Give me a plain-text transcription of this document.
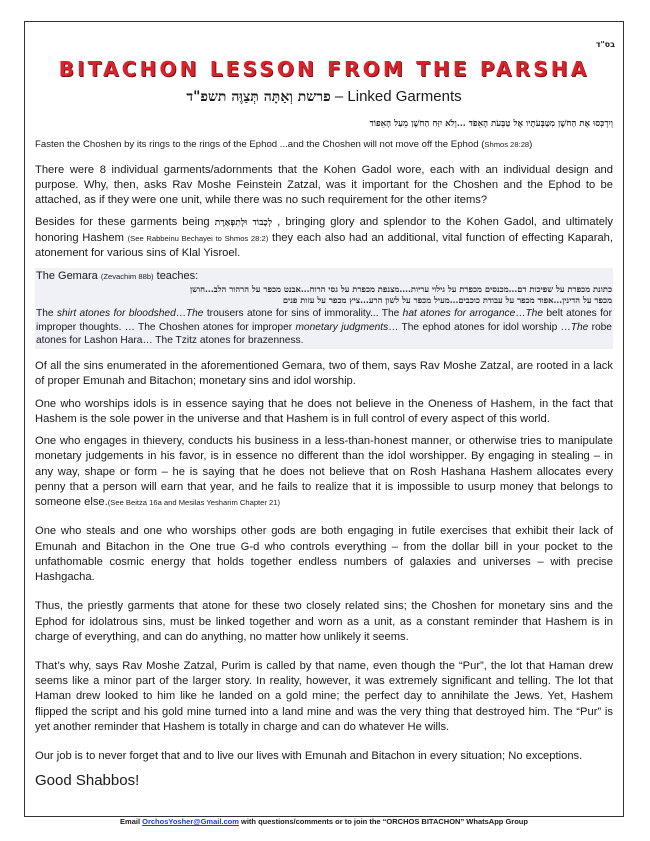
בס"ד
BITACHON LESSON FROM THE PARSHA
פרשת וְאַתָּה תְּצַוֶּה תשפ"ד – Linked Garments

וְיִרְכְּסוּ אֶת הַחֹשֶׁן מִטַּבְּעֹתָיו אֶל טַבְּעֹת הָאֵפֹד ...וְלֹא יִזַּח הַחֹשֶׁן מֵעַל הָאֵפוֹד

Fasten the Choshen by its rings to the rings of the Ephod ...and the Choshen will not move off the Ephod (Shmos 28:28)

There were 8 individual garments/adornments that the Kohen Gadol wore, each with an individual design and purpose. Why, then, asks Rav Moshe Feinstein Zatzal, was it important for the Choshen and the Ephod to be attached, as if they were one unit, while there was no such requirement for the other items?

Besides for these garments being לְכָבוֹד וּלְתִפְאָרֶת , bringing glory and splendor to the Kohen Gadol, and ultimately honoring Hashem (See Rabbeinu Bechayei to Shmos 28:2) they each also had an additional, vital function of effecting Kaparah, atonement for various sins of Klal Yisroel.

The Gemara (Zevachim 88b) teaches:

כתונת מכפרת על שפיכות דם...מכנסים מכפרת על גילוי עריות....מצנפת מכפרת על גסי הרוח...אבנט מכפר על הרהור הלב...חושן

מכפר על הדינין...אפוד מכפר על עבודת כוכבים...מעיל מכפר על לשון הרע...ציץ מכפר על עזות פנים

The shirt atones for bloodshed…The trousers atone for sins of immorality... The hat atones for arrogance…The belt atones for improper thoughts. … The Choshen atones for improper monetary judgments… The ephod atones for idol worship …The robe atones for Lashon Hara… The Tzitz atones for brazenness.

Of all the sins enumerated in the aforementioned Gemara, two of them, says Rav Moshe Zatzal, are rooted in a lack of proper Emunah and Bitachon; monetary sins and idol worship.

One who worships idols is in essence saying that he does not believe in the Oneness of Hashem, in the fact that Hashem is the sole power in the universe and that Hashem is in full control of every aspect of this world.

One who engages in thievery, conducts his business in a less-than-honest manner, or otherwise tries to manipulate monetary judgements in his favor, is in essence no different than the idol worshipper. By engaging in stealing – in any way, shape or form – he is saying that he does not believe that on Rosh Hashana Hashem allocates every penny that a person will earn that year, and he fails to realize that it is impossible to usurp money that belongs to someone else.(See Beitza 16a and Mesilas Yesharim Chapter 21)

One who steals and one who worships other gods are both engaging in futile exercises that exhibit their lack of Emunah and Bitachon in the One true G-d who controls everything – from the dollar bill in your pocket to the unfathomable cosmic energy that holds together endless numbers of galaxies and universes – with precise Hashgacha.

Thus, the priestly garments that atone for these two closely related sins; the Choshen for monetary sins and the Ephod for idolatrous sins, must be linked together and worn as a unit, as a constant reminder that Hashem is in charge of everything, and can do anything, no matter how unlikely it seems.

That’s why, says Rav Moshe Zatzal, Purim is called by that name, even though the “Pur”, the lot that Haman drew seems like a minor part of the larger story. In reality, however, it was extremely significant and telling. The lot that Haman drew looked to him like he landed on a gold mine; the perfect day to annihilate the Jews. Yet, Hashem flipped the script and his gold mine turned into a land mine and was the very thing that destroyed him. The “Pur” is yet another reminder that Hashem is totally in charge and can do whatever He wills.

Our job is to never forget that and to live our lives with Emunah and Bitachon in every situation; No exceptions.

Good Shabbos!

Email OrchosYosher@Gmail.com with questions/comments or to join the “ORCHOS BITACHON” WhatsApp Group
